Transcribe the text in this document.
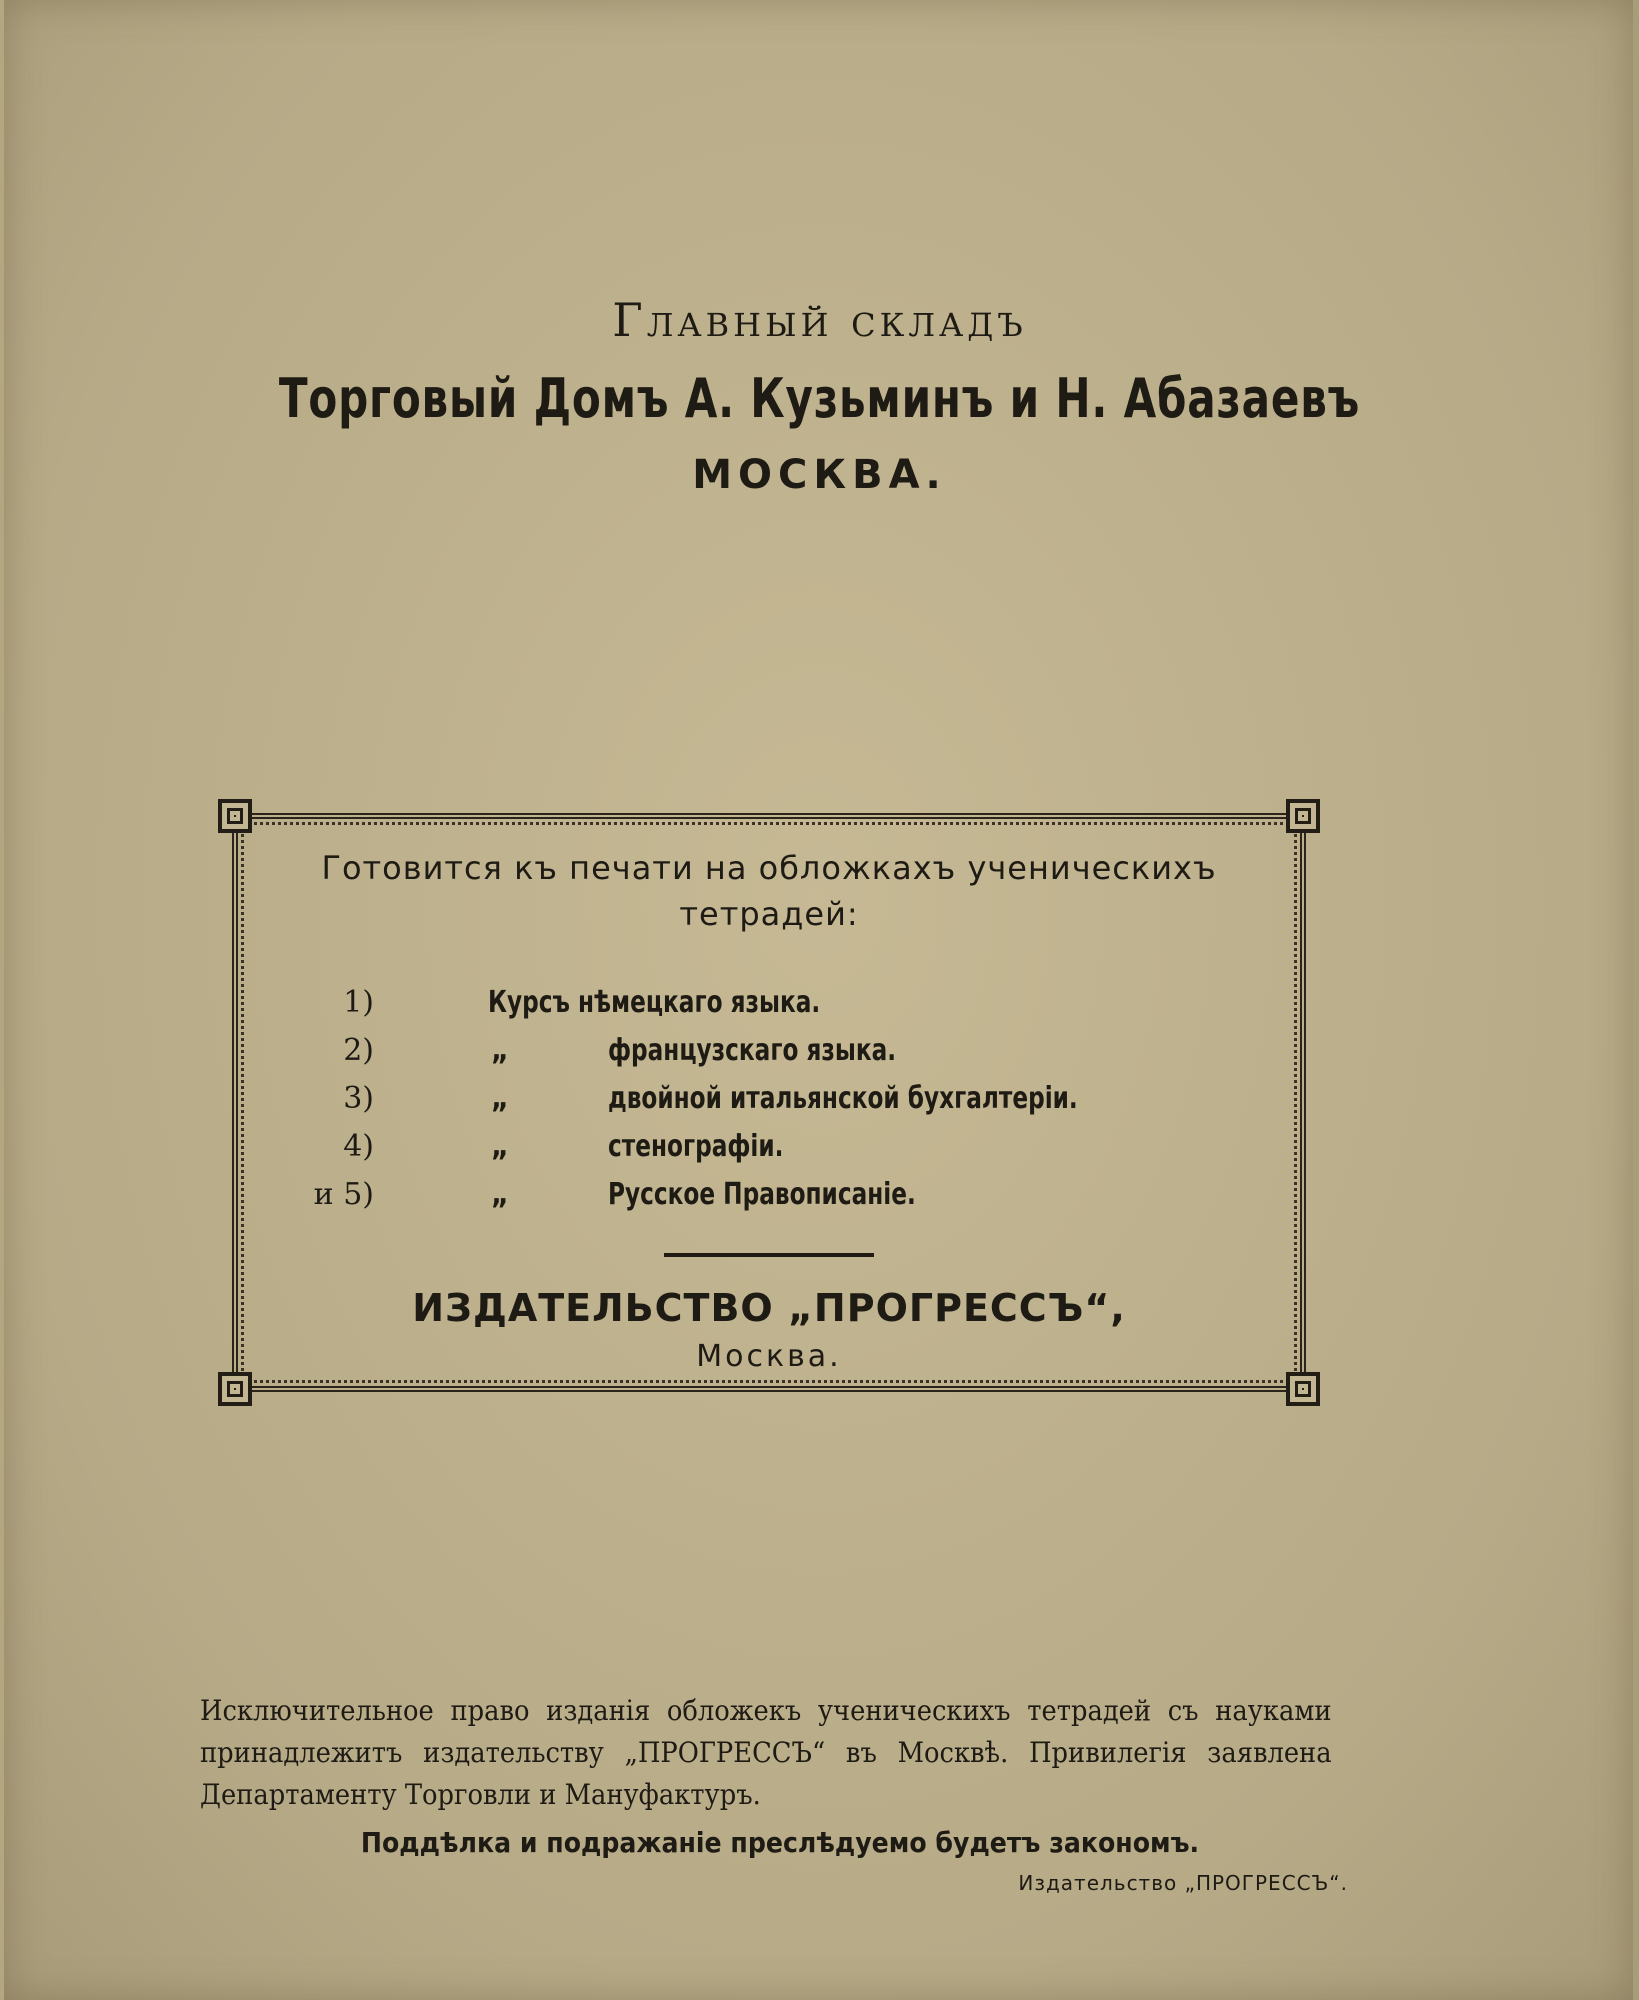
Главный складъ

Торговый Домъ А. Кузьминъ и Н. Абазаевъ

МОСКВА.

Готовится къ печати на обложкахъ ученическихъ тетрадей:

1)	Курсъ нѣмецкаго языка.
2)	„	французскаго языка.
3)	„	двойной итальянской бухгалтеріи.
4)	„	стенографіи.
и 5)	„	Русское Правописаніе.

ИЗДАТЕЛЬСТВО „ПРОГРЕССЪ“,

Москва.

Исключительное право изданія обложекъ ученическихъ тетрадей съ науками принадлежитъ издательству „ПРОГРЕССЪ“ въ Москвѣ. Привилегія заявлена Департаменту Торговли и Мануфактуръ.

Поддѣлка и подражаніе преслѣдуемо будетъ закономъ.

Издательство „ПРОГРЕССЪ“.
